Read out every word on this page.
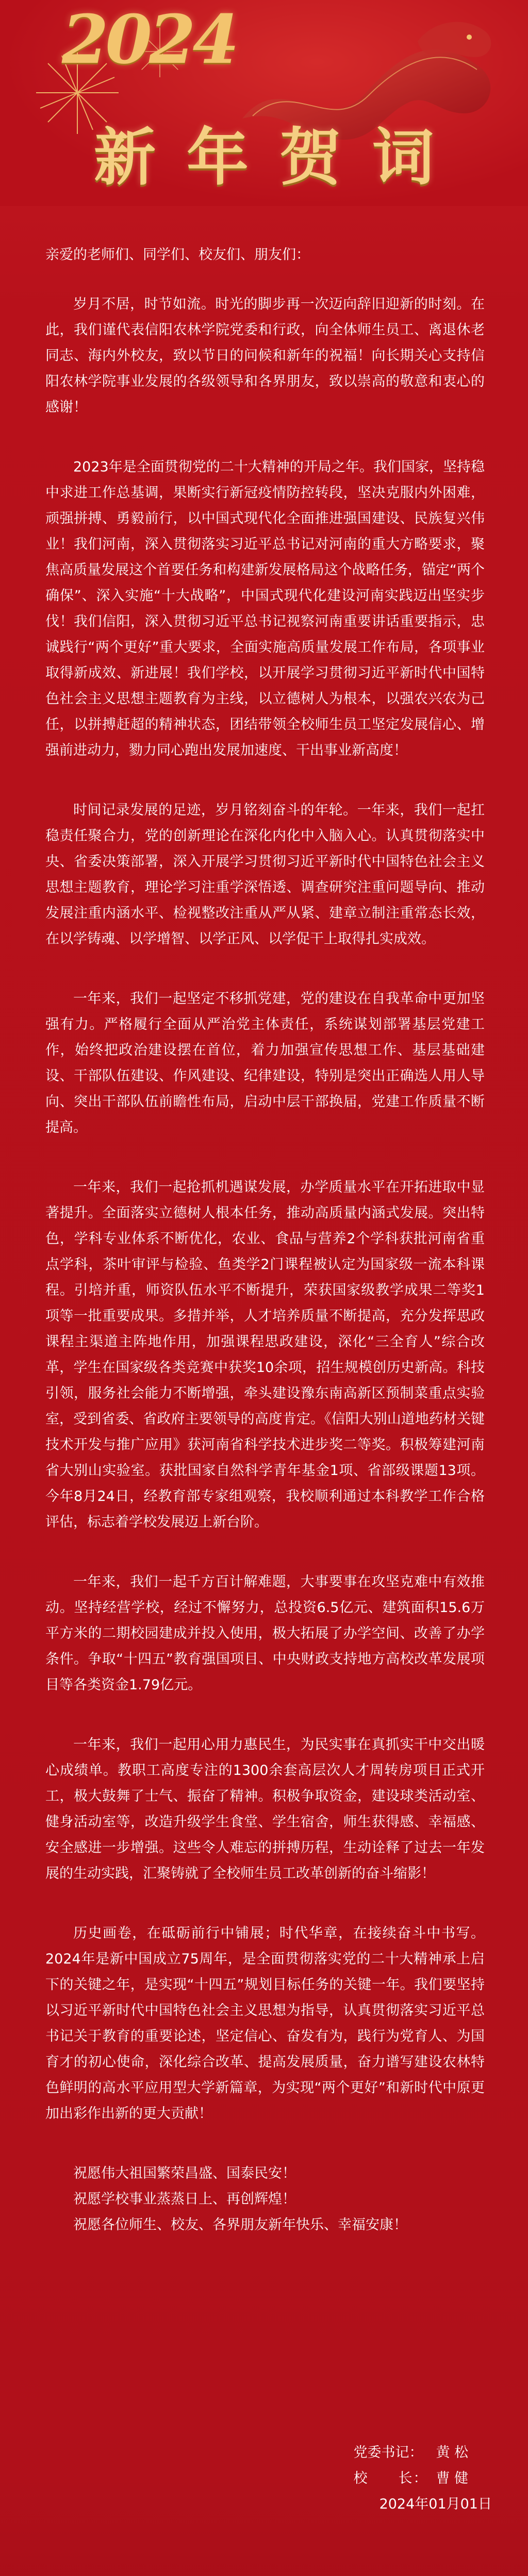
2024
新年贺词

亲爱的老师们、同学们、校友们、朋友们：

岁月不居，时节如流。时光的脚步再一次迈向辞旧迎新的时刻。在此，我们谨代表信阳农林学院党委和行政，向全体师生员工、离退休老同志、海内外校友，致以节日的问候和新年的祝福！向长期关心支持信阳农林学院事业发展的各级领导和各界朋友，致以崇高的敬意和衷心的感谢！

2023年是全面贯彻党的二十大精神的开局之年。我们国家，坚持稳中求进工作总基调，果断实行新冠疫情防控转段，坚决克服内外困难，顽强拼搏、勇毅前行，以中国式现代化全面推进强国建设、民族复兴伟业！我们河南，深入贯彻落实习近平总书记对河南的重大方略要求，聚焦高质量发展这个首要任务和构建新发展格局这个战略任务，锚定“两个确保”、深入实施“十大战略”，中国式现代化建设河南实践迈出坚实步伐！我们信阳，深入贯彻习近平总书记视察河南重要讲话重要指示，忠诚践行“两个更好”重大要求，全面实施高质量发展工作布局，各项事业取得新成效、新进展！我们学校，以开展学习贯彻习近平新时代中国特色社会主义思想主题教育为主线，以立德树人为根本，以强农兴农为己任，以拼搏赶超的精神状态，团结带领全校师生员工坚定发展信心、增强前进动力，勠力同心跑出发展加速度、干出事业新高度！

时间记录发展的足迹，岁月铭刻奋斗的年轮。一年来，我们一起扛稳责任聚合力，党的创新理论在深化内化中入脑入心。认真贯彻落实中央、省委决策部署，深入开展学习贯彻习近平新时代中国特色社会主义思想主题教育，理论学习注重学深悟透、调查研究注重问题导向、推动发展注重内涵水平、检视整改注重从严从紧、建章立制注重常态长效，在以学铸魂、以学增智、以学正风、以学促干上取得扎实成效。

一年来，我们一起坚定不移抓党建，党的建设在自我革命中更加坚强有力。严格履行全面从严治党主体责任，系统谋划部署基层党建工作，始终把政治建设摆在首位，着力加强宣传思想工作、基层基础建设、干部队伍建设、作风建设、纪律建设，特别是突出正确选人用人导向、突出干部队伍前瞻性布局，启动中层干部换届，党建工作质量不断提高。

一年来，我们一起抢抓机遇谋发展，办学质量水平在开拓进取中显著提升。全面落实立德树人根本任务，推动高质量内涵式发展。突出特色，学科专业体系不断优化，农业、食品与营养2个学科获批河南省重点学科，茶叶审评与检验、鱼类学2门课程被认定为国家级一流本科课程。引培并重，师资队伍水平不断提升，荣获国家级教学成果二等奖1项等一批重要成果。多措并举，人才培养质量不断提高，充分发挥思政课程主渠道主阵地作用，加强课程思政建设，深化“三全育人”综合改革，学生在国家级各类竞赛中获奖10余项，招生规模创历史新高。科技引领，服务社会能力不断增强，牵头建设豫东南高新区预制菜重点实验室，受到省委、省政府主要领导的高度肯定。《信阳大别山道地药材关键技术开发与推广应用》获河南省科学技术进步奖二等奖。积极筹建河南省大别山实验室。获批国家自然科学青年基金1项、省部级课题13项。今年8月24日，经教育部专家组观察，我校顺利通过本科教学工作合格评估，标志着学校发展迈上新台阶。

一年来，我们一起千方百计解难题，大事要事在攻坚克难中有效推动。坚持经营学校，经过不懈努力，总投资6.5亿元、建筑面积15.6万平方米的二期校园建成并投入使用，极大拓展了办学空间、改善了办学条件。争取“十四五”教育强国项目、中央财政支持地方高校改革发展项目等各类资金1.79亿元。

一年来，我们一起用心用力惠民生，为民实事在真抓实干中交出暖心成绩单。教职工高度专注的1300余套高层次人才周转房项目正式开工，极大鼓舞了士气、振奋了精神。积极争取资金，建设球类活动室、健身活动室等，改造升级学生食堂、学生宿舍，师生获得感、幸福感、安全感进一步增强。这些令人难忘的拼搏历程，生动诠释了过去一年发展的生动实践，汇聚铸就了全校师生员工改革创新的奋斗缩影！

历史画卷，在砥砺前行中铺展；时代华章，在接续奋斗中书写。2024年是新中国成立75周年，是全面贯彻落实党的二十大精神承上启下的关键之年，是实现“十四五”规划目标任务的关键一年。我们要坚持以习近平新时代中国特色社会主义思想为指导，认真贯彻落实习近平总书记关于教育的重要论述，坚定信心、奋发有为，践行为党育人、为国育才的初心使命，深化综合改革、提高发展质量，奋力谱写建设农林特色鲜明的高水平应用型大学新篇章，为实现“两个更好”和新时代中原更加出彩作出新的更大贡献！

祝愿伟大祖国繁荣昌盛、国泰民安！
祝愿学校事业蒸蒸日上、再创辉煌！
祝愿各位师生、校友、各界朋友新年快乐、幸福安康！
党委书记： 黄 松
校　　长： 曹 健
2024年01月01日
